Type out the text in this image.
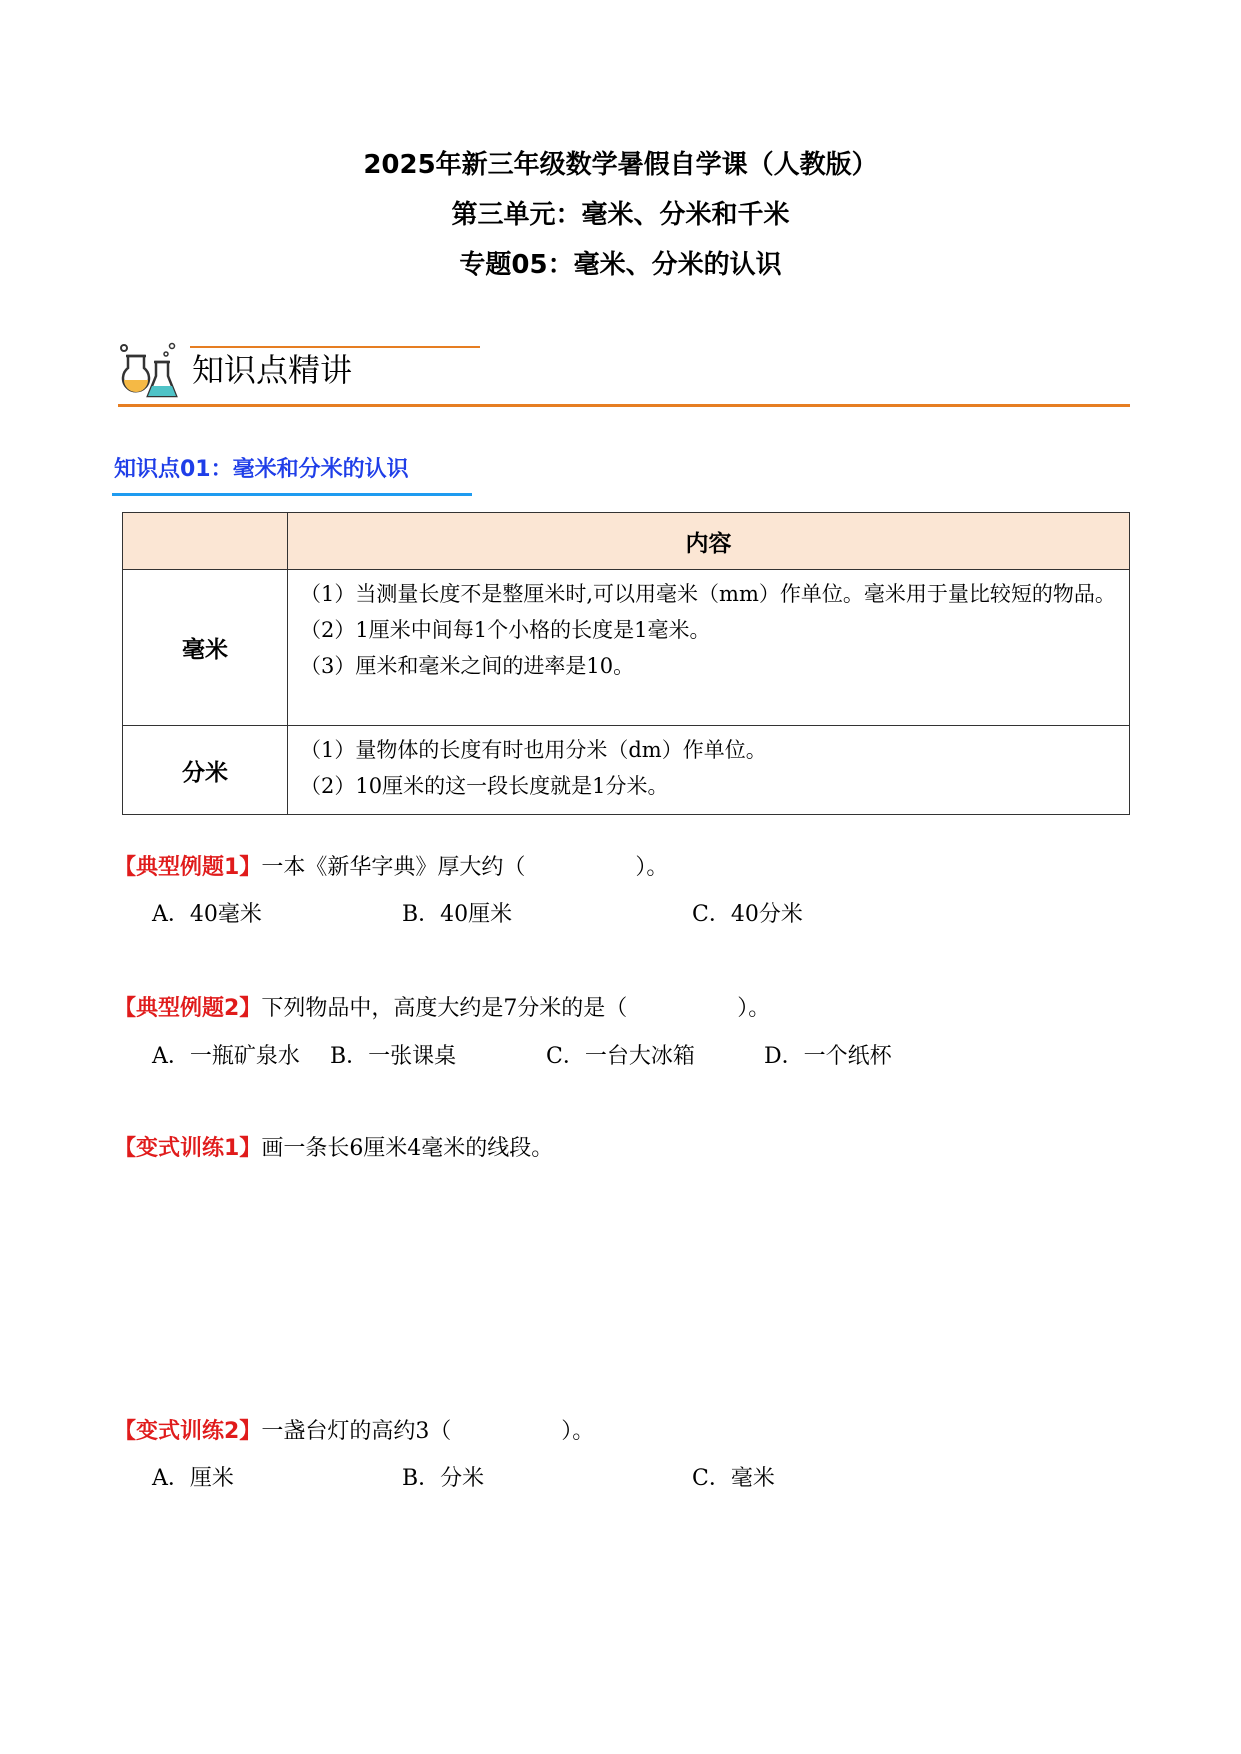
2025年新三年级数学暑假自学课（人教版）
第三单元：毫米、分米和千米
专题05：毫米、分米的认识
知识点精讲
知识点01：毫米和分米的认识
	内容
毫米	（1）当测量长度不是整厘米时,可以用毫米（mm）作单位。毫米用于量比较短的物品。
（2）1厘米中间每1个小格的长度是1毫米。
（3）厘米和毫米之间的进率是10。

分米	（1）量物体的长度有时也用分米（dm）作单位。
（2）10厘米的这一段长度就是1分米。
【典型例题1】一本《新华字典》厚大约（　　　　　）。
A．40毫米	B．40厘米	C．40分米
【典型例题2】下列物品中，高度大约是7分米的是（　　　　　）。
A．一瓶矿泉水 B．一张课桌	C．一台大冰箱	D．一个纸杯
【变式训练1】画一条长6厘米4毫米的线段。
【变式训练2】一盏台灯的高约3（　　　　　）。
A．厘米	B．分米	C．毫米
